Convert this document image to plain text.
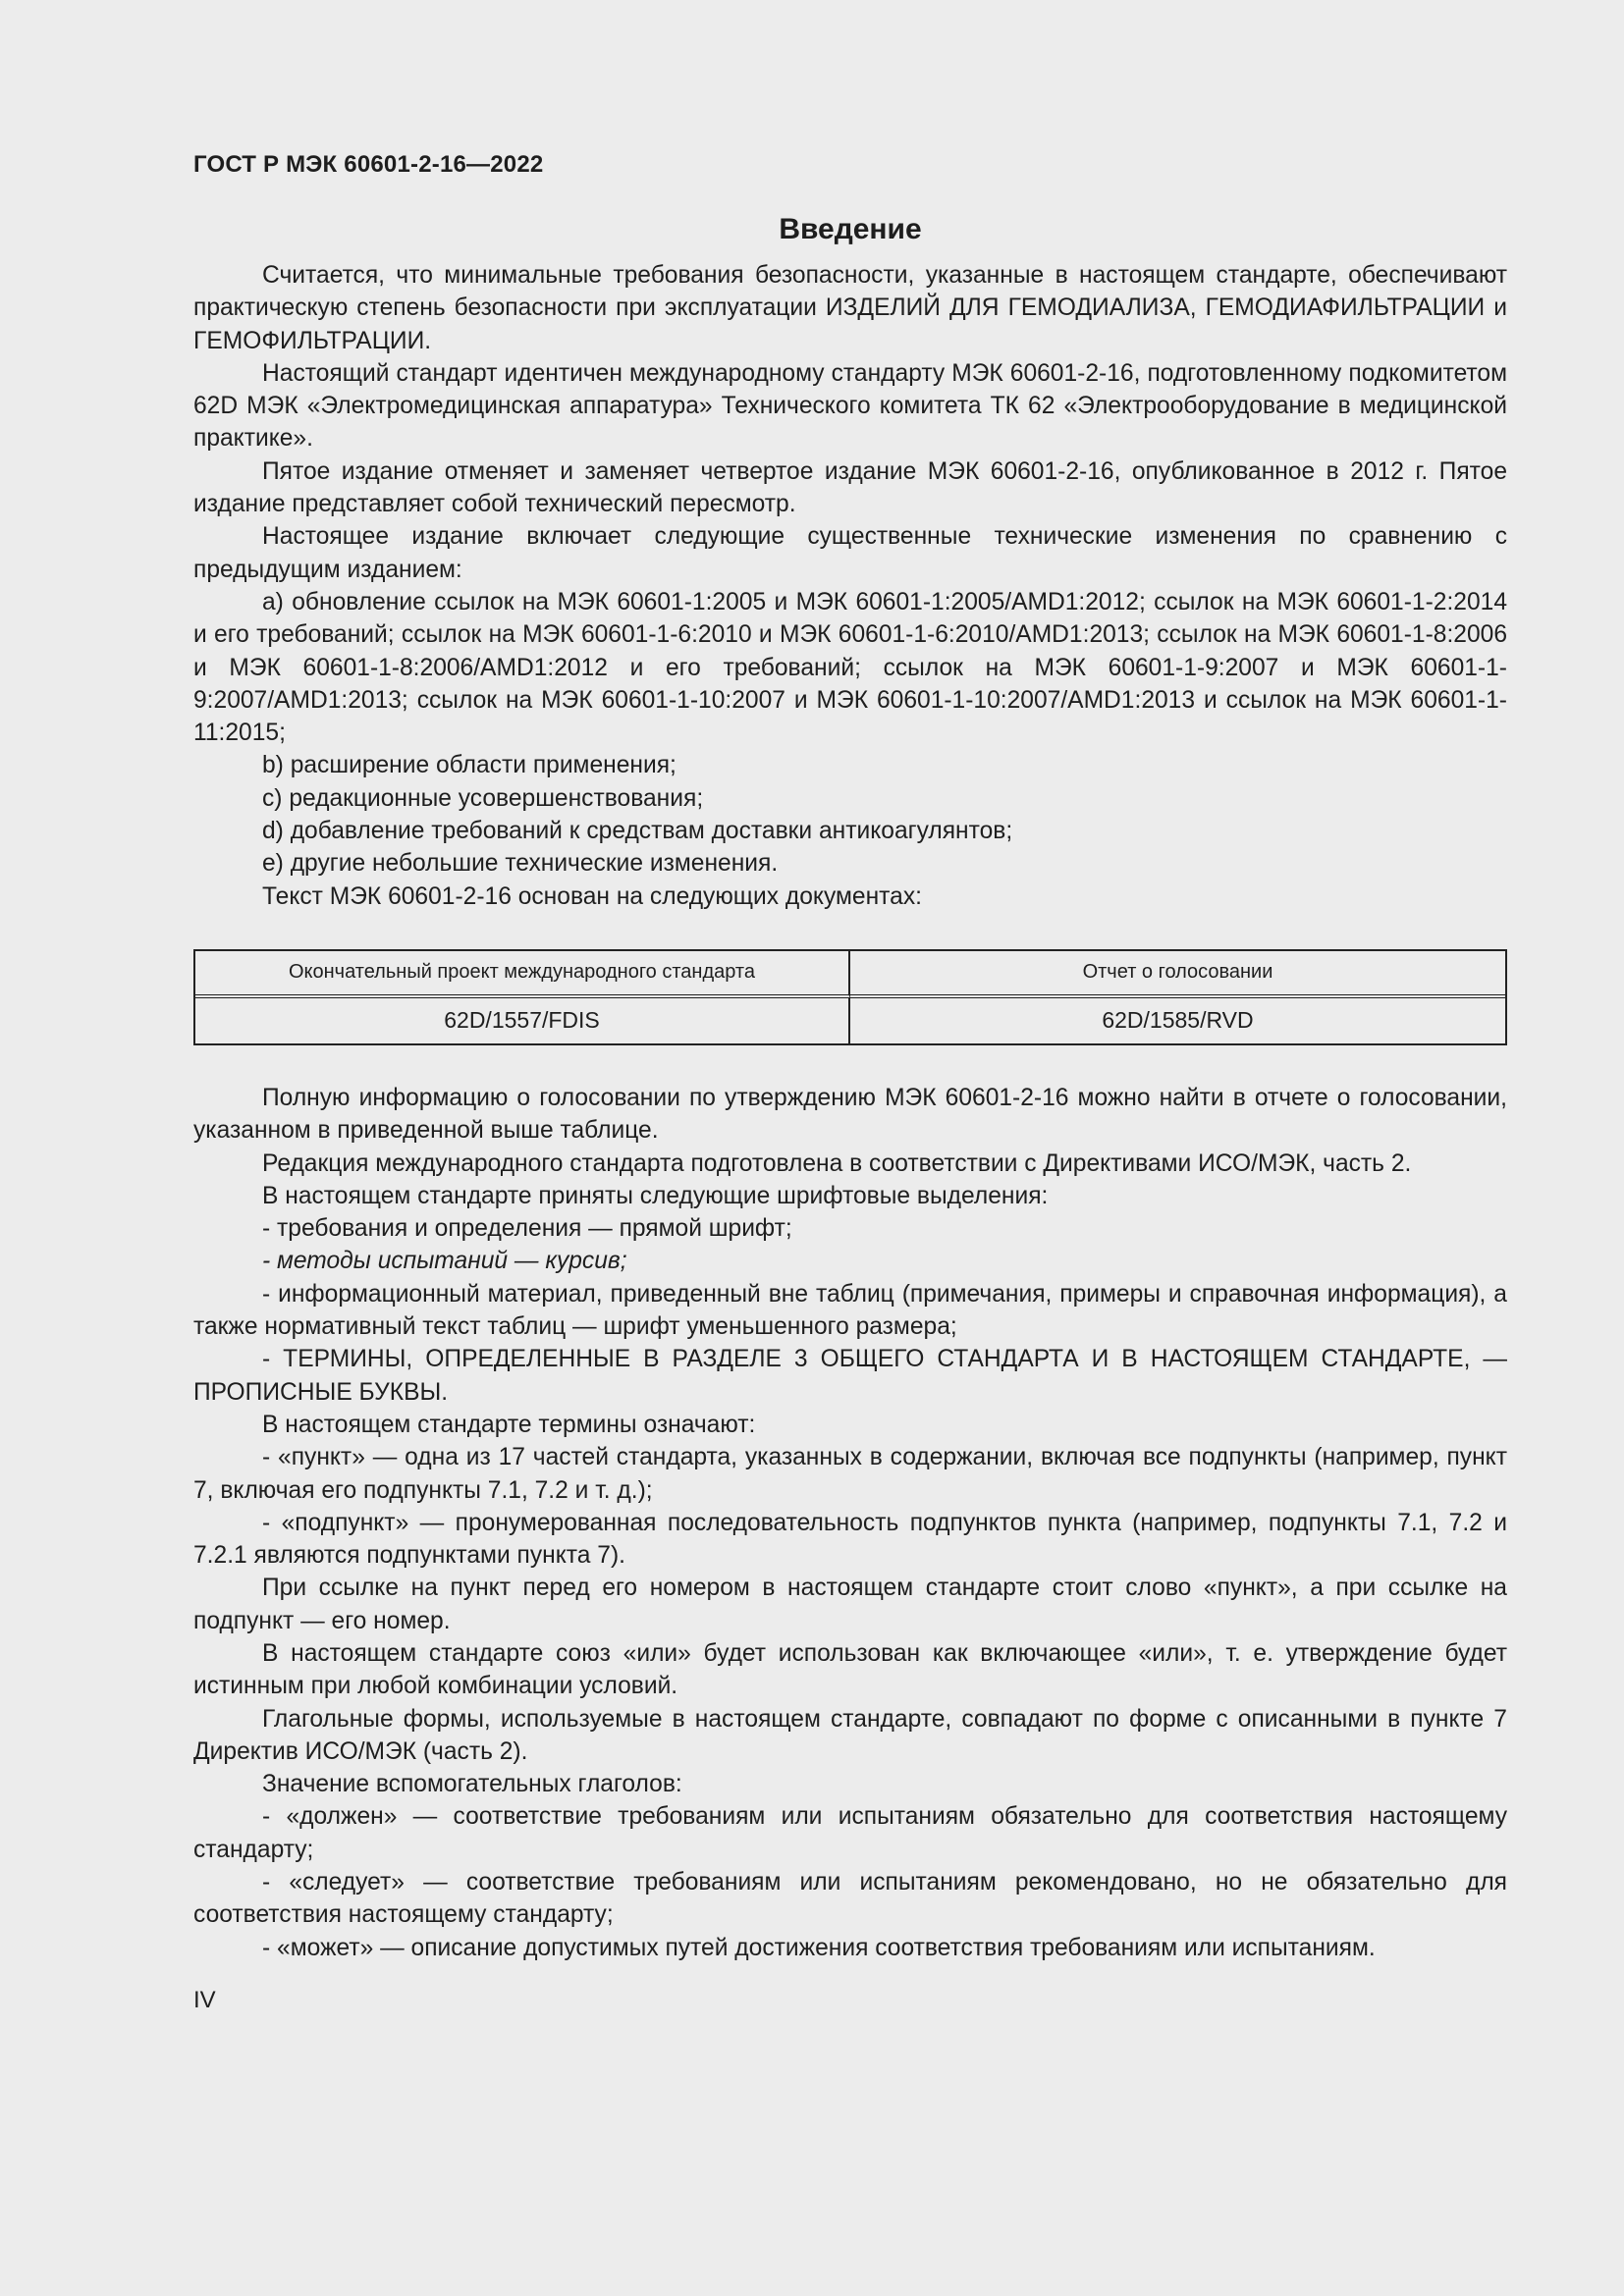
ГОСТ Р МЭК 60601-2-16—2022
Введение

Считается, что минимальные требования безопасности, указанные в настоящем стандарте, обеспечивают практическую степень безопасности при эксплуатации ИЗДЕЛИЙ ДЛЯ ГЕМОДИАЛИЗА, ГЕМОДИАФИЛЬТРАЦИИ и ГЕМОФИЛЬТРАЦИИ.

Настоящий стандарт идентичен международному стандарту МЭК 60601-2-16, подготовленному подкомитетом 62D МЭК «Электромедицинская аппаратура» Технического комитета ТК 62 «Электрооборудование в медицинской практике».

Пятое издание отменяет и заменяет четвертое издание МЭК 60601-2-16, опубликованное в 2012 г. Пятое издание представляет собой технический пересмотр.

Настоящее издание включает следующие существенные технические изменения по сравнению с предыдущим изданием:

a) обновление ссылок на МЭК 60601-1:2005 и МЭК 60601-1:2005/AMD1:2012; ссылок на МЭК 60601-1-2:2014 и его требований; ссылок на МЭК 60601-1-6:2010 и МЭК 60601-1-6:2010/AMD1:2013; ссылок на МЭК 60601-1-8:2006 и МЭК 60601-1-8:2006/AMD1:2012 и его требований; ссылок на МЭК 60601-1-9:2007 и МЭК 60601-1-9:2007/AMD1:2013; ссылок на МЭК 60601-1-10:2007 и МЭК 60601-1-10:2007/AMD1:2013 и ссылок на МЭК 60601-1-11:2015;

b) расширение области применения;

c) редакционные усовершенствования;

d) добавление требований к средствам доставки антикоагулянтов;

e) другие небольшие технические изменения.

Текст МЭК 60601-2-16 основан на следующих документах:

Окончательный проект международного стандарта	Отчет о голосовании
62D/1557/FDIS	62D/1585/RVD

Полную информацию о голосовании по утверждению МЭК 60601-2-16 можно найти в отчете о голосовании, указанном в приведенной выше таблице.

Редакция международного стандарта подготовлена в соответствии с Директивами ИСО/МЭК, часть 2.

В настоящем стандарте приняты следующие шрифтовые выделения:

- требования и определения — прямой шрифт;

- методы испытаний — курсив;

- информационный материал, приведенный вне таблиц (примечания, примеры и справочная информация), а также нормативный текст таблиц — шрифт уменьшенного размера;

- ТЕРМИНЫ, ОПРЕДЕЛЕННЫЕ В РАЗДЕЛЕ 3 ОБЩЕГО СТАНДАРТА И В НАСТОЯЩЕМ СТАНДАРТЕ, — ПРОПИСНЫЕ БУКВЫ.

В настоящем стандарте термины означают:

- «пункт» — одна из 17 частей стандарта, указанных в содержании, включая все подпункты (например, пункт 7, включая его подпункты 7.1, 7.2 и т. д.);

- «подпункт» — пронумерованная последовательность подпунктов пункта (например, подпункты 7.1, 7.2 и 7.2.1 являются подпунктами пункта 7).

При ссылке на пункт перед его номером в настоящем стандарте стоит слово «пункт», а при ссылке на подпункт — его номер.

В настоящем стандарте союз «или» будет использован как включающее «или», т. е. утверждение будет истинным при любой комбинации условий.

Глагольные формы, используемые в настоящем стандарте, совпадают по форме с описанными в пункте 7 Директив ИСО/МЭК (часть 2).

Значение вспомогательных глаголов:

- «должен» — соответствие требованиям или испытаниям обязательно для соответствия настоящему стандарту;

- «следует» — соответствие требованиям или испытаниям рекомендовано, но не обязательно для соответствия настоящему стандарту;

- «может» — описание допустимых путей достижения соответствия требованиям или испытаниям.

IV
